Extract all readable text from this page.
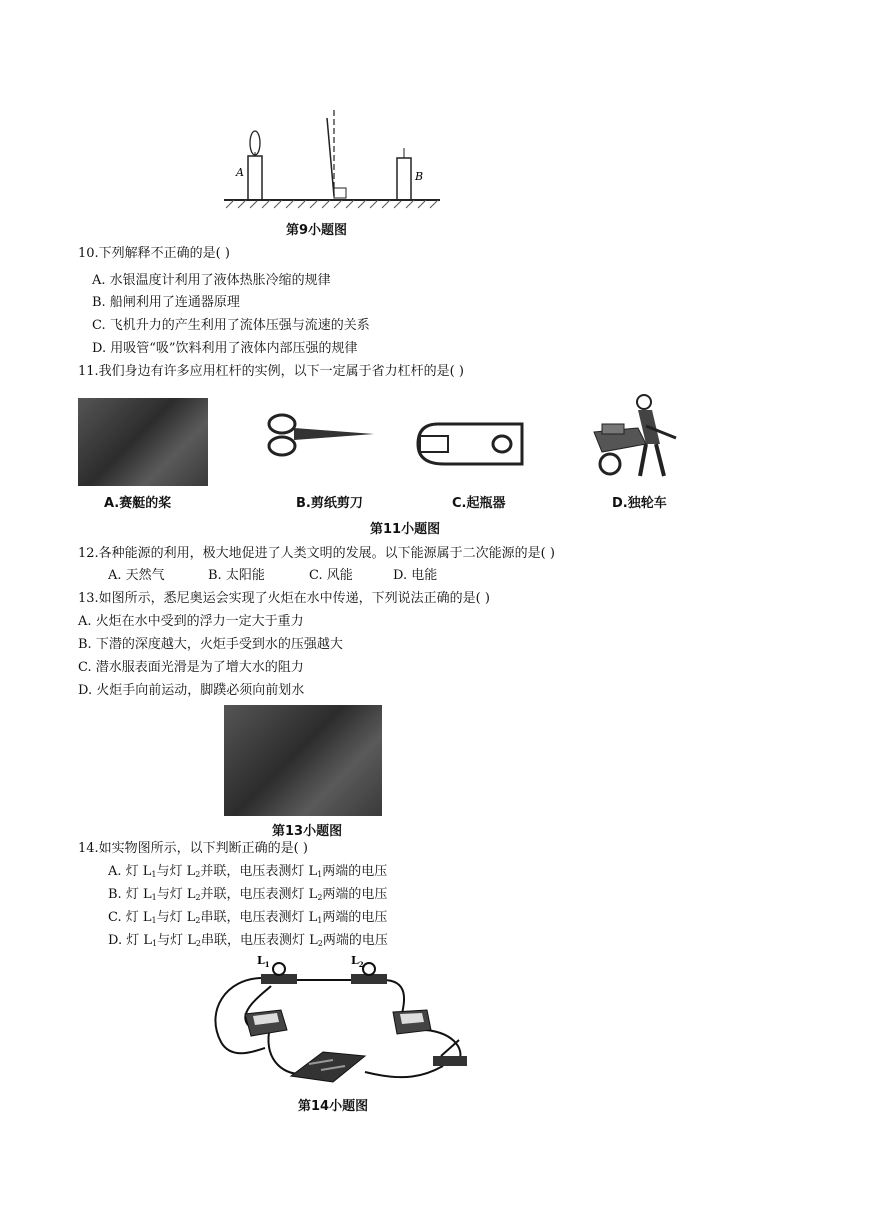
A	B
第9小题图
10.下列解释不正确的是( )
A. 水银温度计利用了液体热胀冷缩的规律
B. 船闸利用了连通器原理
C. 飞机升力的产生利用了流体压强与流速的关系
D. 用吸管“吸”饮料利用了液体内部压强的规律
11.我们身边有许多应用杠杆的实例，以下一定属于省力杠杆的是( )
A.赛艇的桨	B.剪纸剪刀	C.起瓶器	D.独轮车
第11小题图
12.各种能源的利用，极大地促进了人类文明的发展。以下能源属于二次能源的是( )
A. 天然气	B. 太阳能	C. 风能	D. 电能
13.如图所示，悉尼奥运会实现了火炬在水中传递，下列说法正确的是( )
A. 火炬在水中受到的浮力一定大于重力
B. 下潜的深度越大，火炬手受到水的压强越大
C. 潜水服表面光滑是为了增大水的阻力
D. 火炬手向前运动，脚蹼必须向前划水
第13小题图
14.如实物图所示，以下判断正确的是( )
A. 灯 $L_1$与灯 $L_2$并联，电压表测灯 $L_1$两端的电压
B. 灯 $L_1$与灯 $L_2$并联，电压表测灯 $L_2$两端的电压
C. 灯 $L_1$与灯 $L_2$串联，电压表测灯 $L_1$两端的电压
D. 灯 $L_1$与灯 $L_2$串联，电压表测灯 $L_2$两端的电压
$L_1$	$L_2$
第14小题图
